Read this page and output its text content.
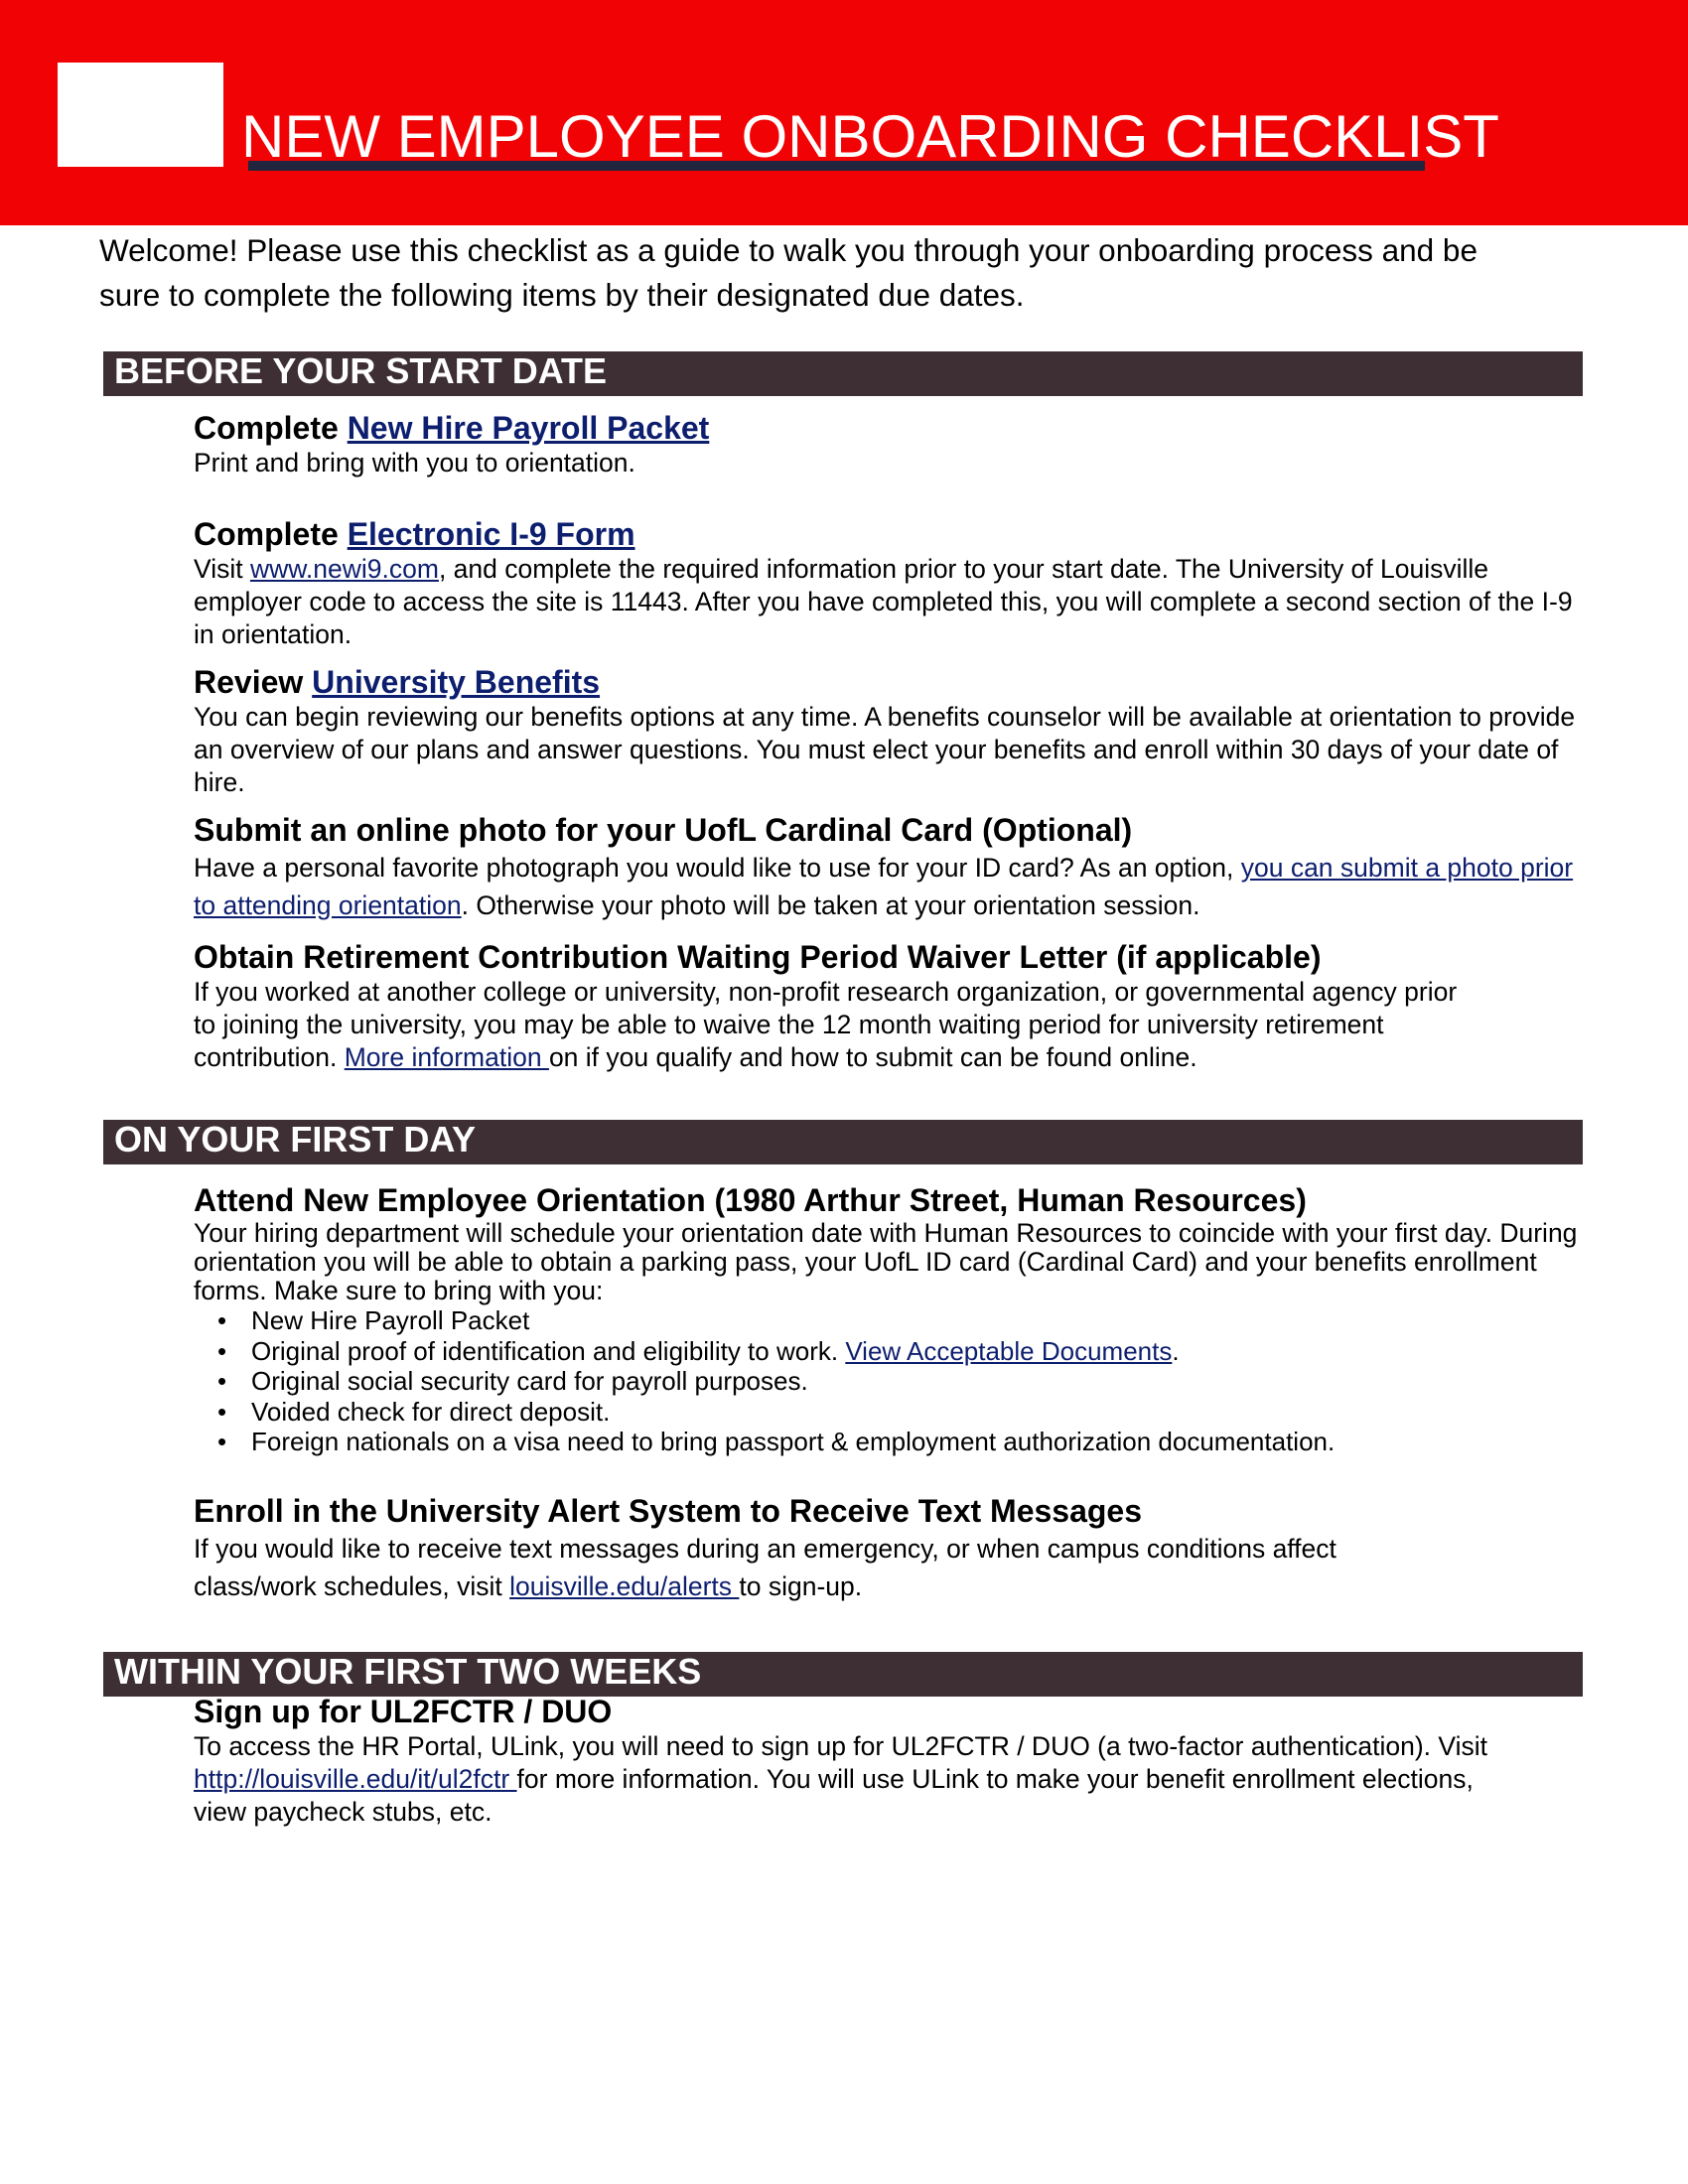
NEW EMPLOYEE ONBOARDING CHECKLIST

Welcome! Please use this checklist as a guide to walk you through your onboarding process and be sure to complete the following items by their designated due dates.

BEFORE YOUR START DATE
Complete New Hire Payroll Packet

Print and bring with you to orientation.

Complete Electronic I-9 Form

Visit www.newi9.com, and complete the required information prior to your start date. The University of Louisville employer code to access the site is 11443. After you have completed this, you will complete a second section of the I-9 in orientation.

Review University Benefits

You can begin reviewing our benefits options at any time. A benefits counselor will be available at orientation to provide an overview of our plans and answer questions. You must elect your benefits and enroll within 30 days of your date of hire.

Submit an online photo for your UofL Cardinal Card (Optional)

Have a personal favorite photograph you would like to use for your ID card? As an option, you can submit a photo prior to attending orientation. Otherwise your photo will be taken at your orientation session.

Obtain Retirement Contribution Waiting Period Waiver Letter (if applicable)

If you worked at another college or university, non-profit research organization, or governmental agency prior
to joining the university, you may be able to waive the 12 month waiting period for university retirement
contribution. More information on if you qualify and how to submit can be found online.

ON YOUR FIRST DAY
Attend New Employee Orientation (1980 Arthur Street, Human Resources)

Your hiring department will schedule your orientation date with Human Resources to coincide with your first day. During orientation you will be able to obtain a parking pass, your UofL ID card (Cardinal Card) and your benefits enrollment forms. Make sure to bring with you:

• New Hire Payroll Packet
• Original proof of identification and eligibility to work. View Acceptable Documents.
• Original social security card for payroll purposes.
• Voided check for direct deposit.
• Foreign nationals on a visa need to bring passport & employment authorization documentation.
Enroll in the University Alert System to Receive Text Messages

If you would like to receive text messages during an emergency, or when campus conditions affect
class/work schedules, visit louisville.edu/alerts to sign-up.

WITHIN YOUR FIRST TWO WEEKS
Sign up for UL2FCTR / DUO

To access the HR Portal, ULink, you will need to sign up for UL2FCTR / DUO (a two-factor authentication). Visit
http://louisville.edu/it/ul2fctr for more information. You will use ULink to make your benefit enrollment elections,
view paycheck stubs, etc.
